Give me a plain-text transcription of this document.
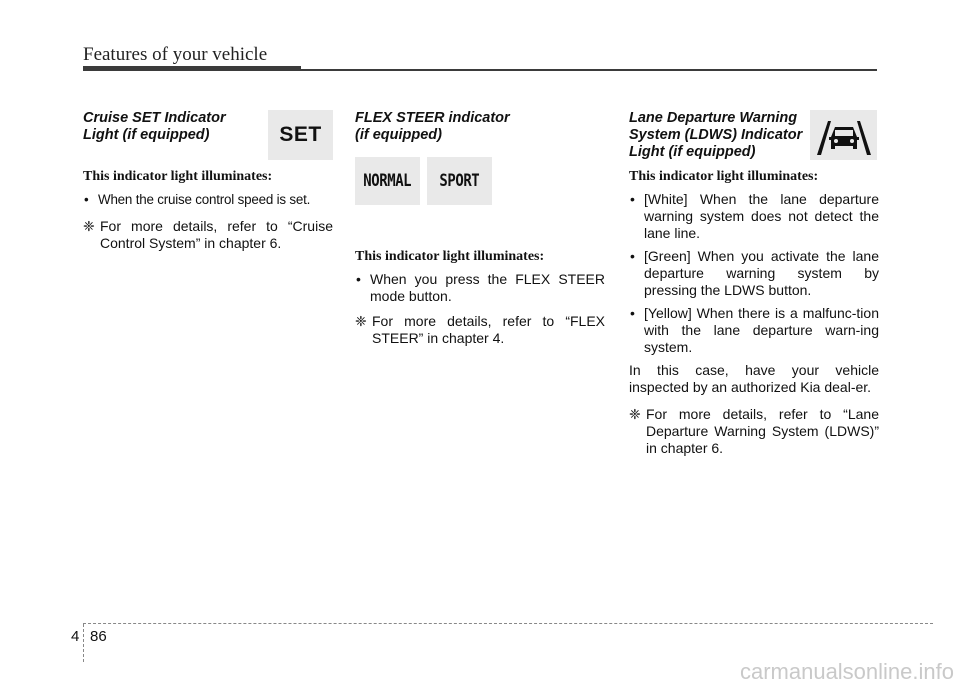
Features of your vehicle

Cruise SET Indicator
Light (if equipped)

This indicator light illuminates:

• When the cruise control speed is set.

❈ For more details, refer to “Cruise Control System” in chapter 6.

SET

FLEX STEER indicator
(if equipped)

This indicator light illuminates:

• When you press the FLEX STEER mode button.

❈ For more details, refer to “FLEX STEER” in chapter 4.

NORMAL SPORT

Lane Departure Warning
System (LDWS) Indicator
Light (if equipped)

This indicator light illuminates:

• [White] When the lane departure warning system does not detect the lane line.

• [Green] When you activate the lane departure warning system by pressing the LDWS button.

• [Yellow] When there is a malfunc-tion with the lane departure warn-ing system.

In this case, have your vehicle inspected by an authorized Kia deal-er.

❈ For more details, refer to “Lane Departure Warning System (LDWS)” in chapter 6.

4 86
carmanualsonline.info
